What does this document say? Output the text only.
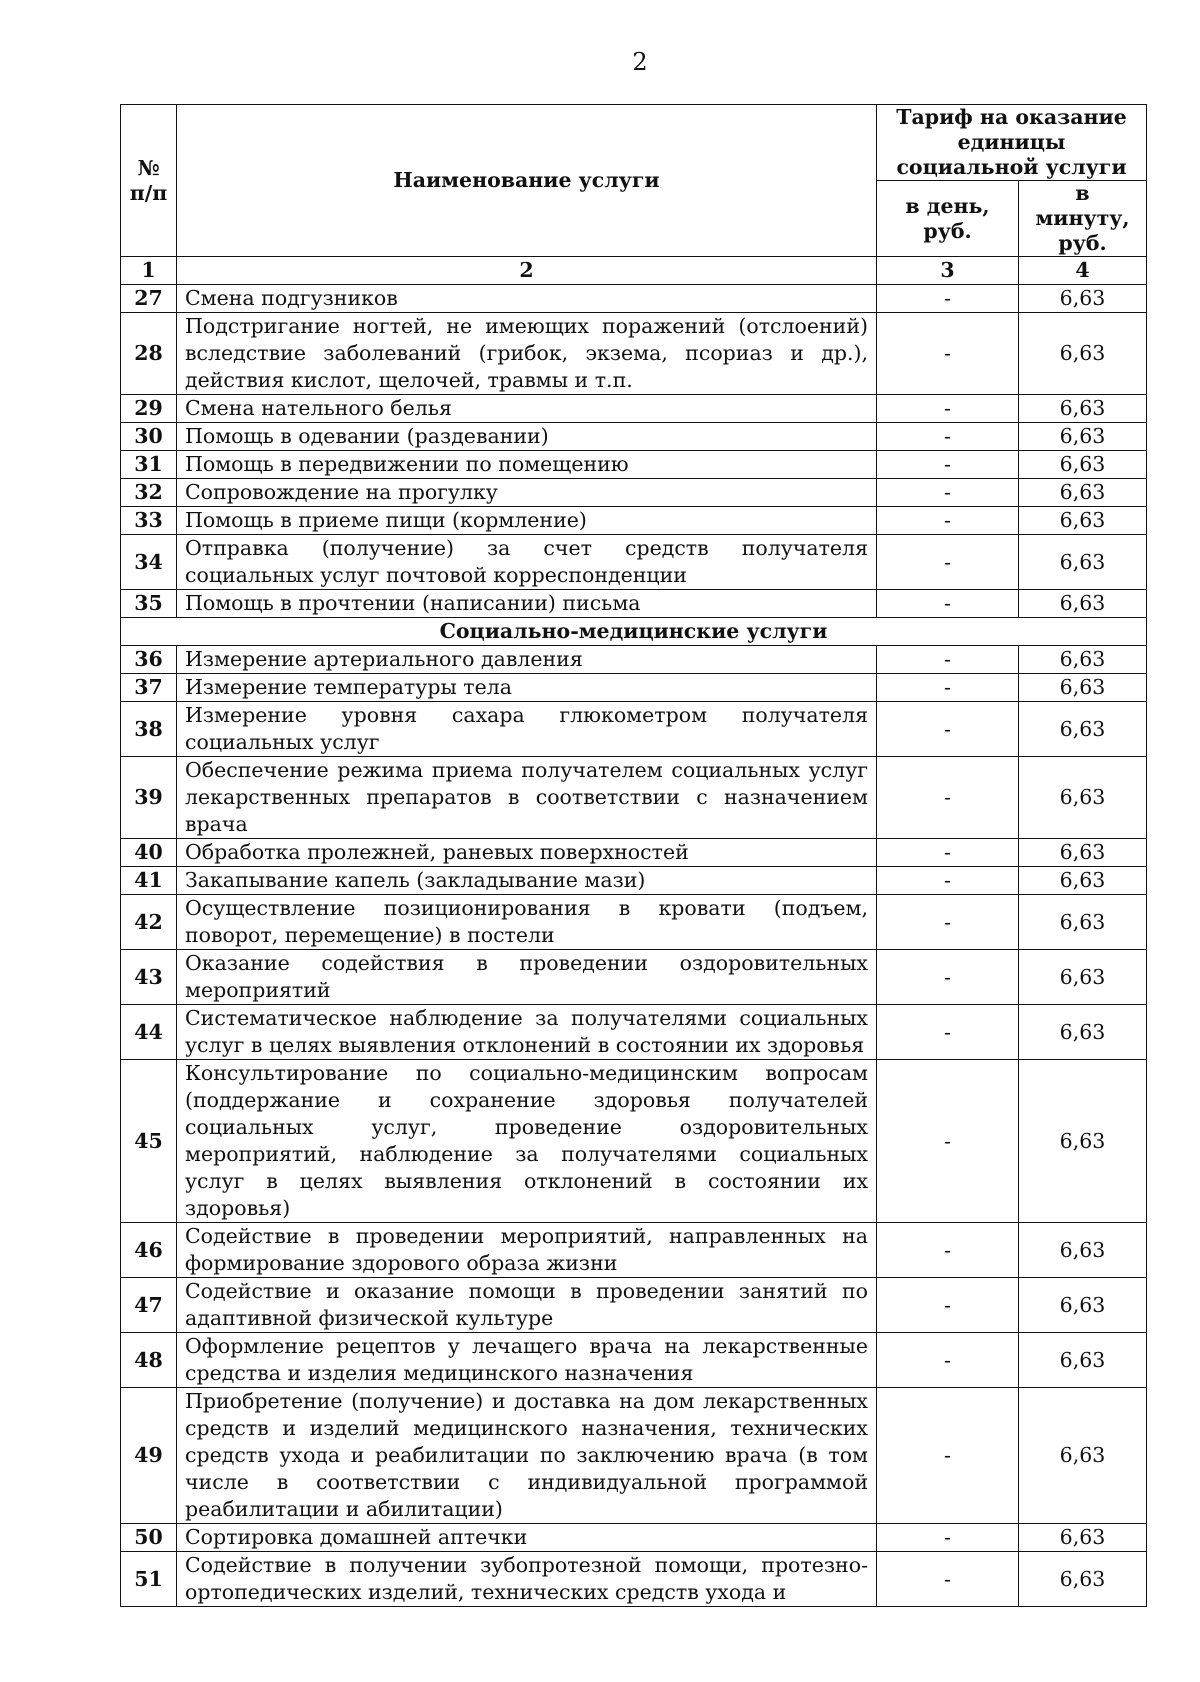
2
№ п/п	Наименование услуги	Тариф на оказание единицы социальной услуги	
		в день, руб.	в минуту, руб.
1	2	3	4
27	Смена подгузников	-	6,63
28	Подстригание ногтей, не имеющих поражений (отслоений) вследствие заболеваний (грибок, экзема, псориаз и др.), действия кислот, щелочей, травмы и т.п.	-	6,63
29	Смена нательного белья	-	6,63
30	Помощь в одевании (раздевании)	-	6,63
31	Помощь в передвижении по помещению	-	6,63
32	Сопровождение на прогулку	-	6,63
33	Помощь в приеме пищи (кормление)	-	6,63
34	Отправка (получение) за счет средств получателя социальных услуг почтовой корреспонденции	-	6,63
35	Помощь в прочтении (написании) письма	-	6,63
Социально-медицинские услуги			
36	Измерение артериального давления	-	6,63
37	Измерение температуры тела	-	6,63
38	Измерение уровня сахара глюкометром получателя социальных услуг	-	6,63
39	Обеспечение режима приема получателем социальных услуг лекарственных препаратов в соответствии с назначением врача	-	6,63
40	Обработка пролежней, раневых поверхностей	-	6,63
41	Закапывание капель (закладывание мази)	-	6,63
42	Осуществление позиционирования в кровати (подъем, поворот, перемещение) в постели	-	6,63
43	Оказание содействия в проведении оздоровительных мероприятий	-	6,63
44	Систематическое наблюдение за получателями социальных услуг в целях выявления отклонений в состоянии их здоровья	-	6,63
45	Консультирование по социально-медицинским вопросам (поддержание и сохранение здоровья получателей социальных услуг, проведение оздоровительных мероприятий, наблюдение за получателями социальных услуг в целях выявления отклонений в состоянии их здоровья)	-	6,63
46	Содействие в проведении мероприятий, направленных на формирование здорового образа жизни	-	6,63
47	Содействие и оказание помощи в проведении занятий по адаптивной физической культуре	-	6,63
48	Оформление рецептов у лечащего врача на лекарственные средства и изделия медицинского назначения	-	6,63
49	Приобретение (получение) и доставка на дом лекарственных средств и изделий медицинского назначения, технических средств ухода и реабилитации по заключению врача (в том числе в соответствии с индивидуальной программой реабилитации и абилитации)	-	6,63
50	Сортировка домашней аптечки	-	6,63
51	Содействие в получении зубопротезной помощи, протезно-ортопедических изделий, технических средств ухода и	-	6,63
